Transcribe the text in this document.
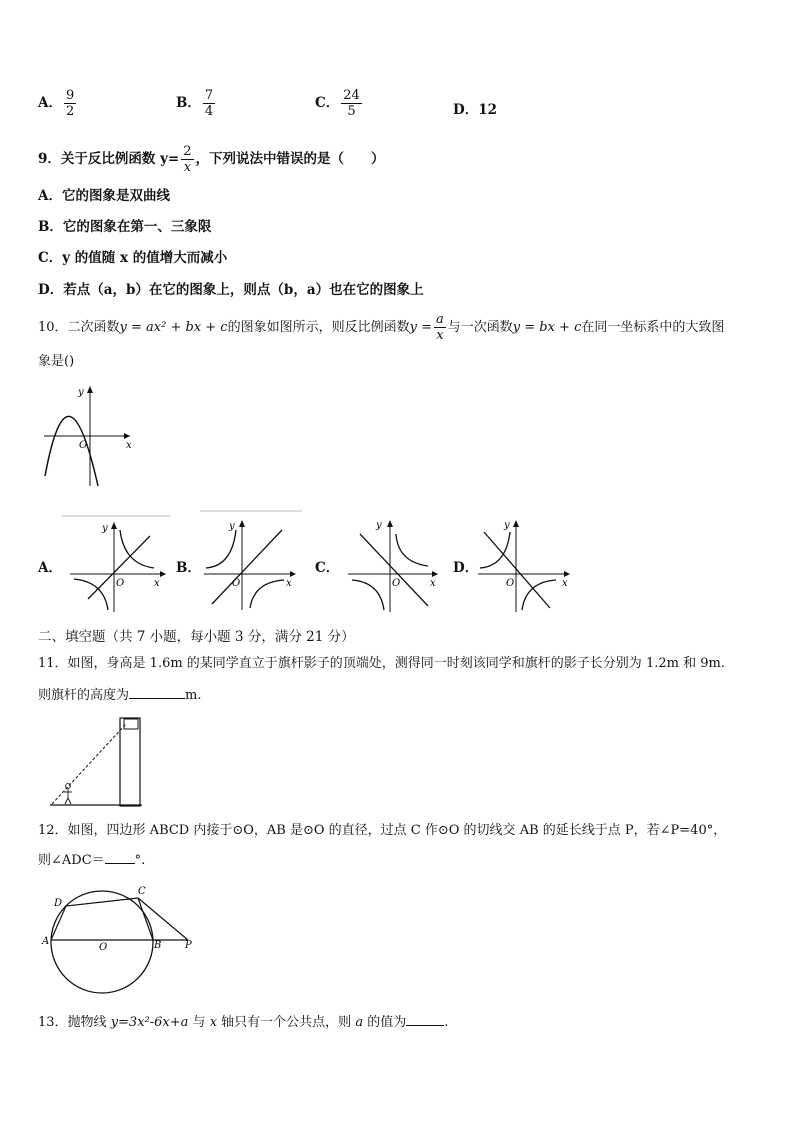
A． $\frac{9}{2}$	B． $\frac{7}{4}$	C． $\frac{24}{5}$	D．12
9．关于反比例函数 $y= \frac{2}{x}$ ，下列说法中错误的是（　　）
A．它的图象是双曲线
B．它的图象在第一、三象限
C．y 的值随 x 的值增大而减小
D．若点（a，b）在它的图象上，则点（b，a）也在它的图象上
10．二次函数y = ax² + bx + c的图象如图所示，则反比例函数$y = \frac{a}{x}$ 与一次函数y = bx + c在同一坐标系中的大致图
象是()
y
x
O
A．
y
x
O
B．
y
x
O
C．
y
x
O
D．
y
x
O
二、填空题（共 7 小题，每小题 3 分，满分 21 分）
11．如图，身高是 1.6m 的某同学直立于旗杆影子的顶端处，测得同一时刻该同学和旗杆的影子长分别为 1.2m 和 9m.
则旗杆的高度为	m.
12．如图，四边形 ABCD 内接于⊙O，AB 是⊙O 的直径，过点 C 作⊙O 的切线交 AB 的延长线于点 P，若∠P=40°，
则∠ADC＝ °.
A	B
C
D
O	P
13．抛物线 y=3x²-6x+a 与 x 轴只有一个公共点，则 a 的值为	.
